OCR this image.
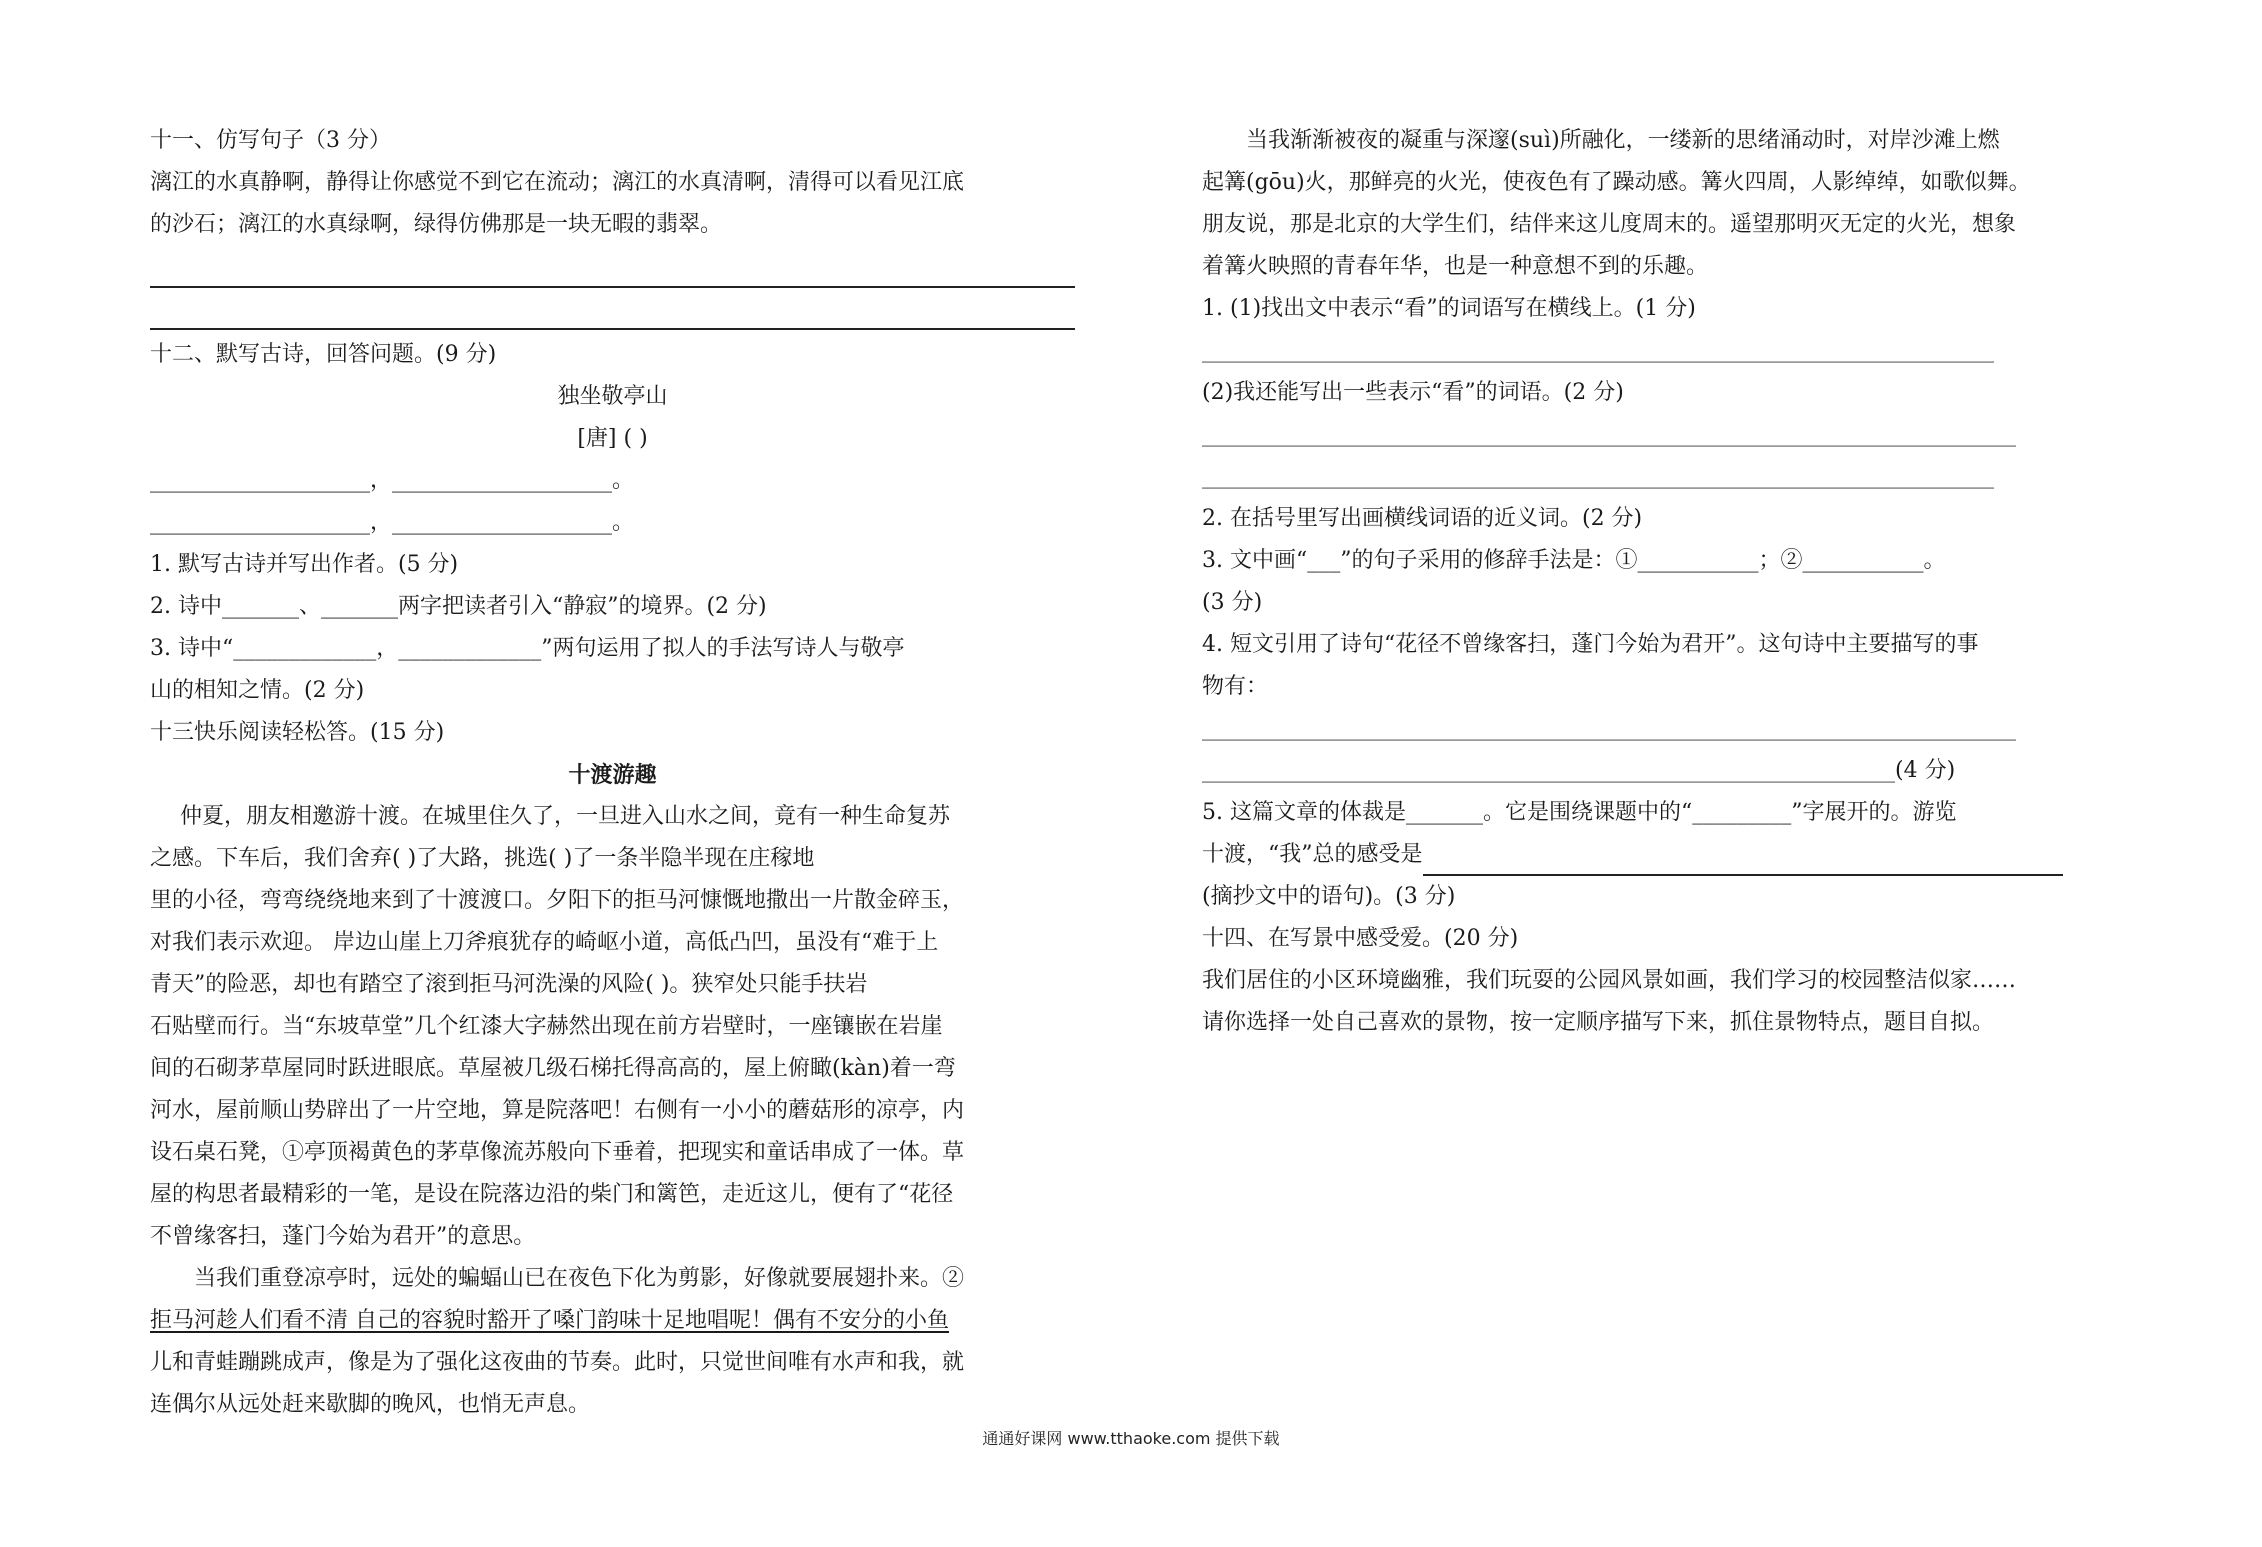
十一、仿写句子（3 分）

漓江的水真静啊，静得让你感觉不到它在流动；漓江的水真清啊，清得可以看见江底

的沙石；漓江的水真绿啊，绿得仿佛那是一块无暇的翡翠。

十二、默写古诗，回答问题。(9 分)

独坐敬亭山

[唐] ( )

____________________，____________________。

____________________，____________________。

1. 默写古诗并写出作者。(5 分)

2. 诗中_______、_______两字把读者引入“静寂”的境界。(2 分)

3. 诗中“_____________，_____________”两句运用了拟人的手法写诗人与敬亭

山的相知之情。(2 分)

十三快乐阅读轻松答。(15 分)

十渡游趣

仲夏，朋友相邀游十渡。在城里住久了，一旦进入山水之间，竟有一种生命复苏

之感。下车后，我们舍弃( )了大路，挑选( )了一条半隐半现在庄稼地

里的小径，弯弯绕绕地来到了十渡渡口。夕阳下的拒马河慷慨地撒出一片散金碎玉，

对我们表示欢迎。 岸边山崖上刀斧痕犹存的崎岖小道，高低凸凹，虽没有“难于上

青天”的险恶，却也有踏空了滚到拒马河洗澡的风险( )。狭窄处只能手扶岩

石贴壁而行。当“东坡草堂”几个红漆大字赫然出现在前方岩壁时，一座镶嵌在岩崖

间的石砌茅草屋同时跃进眼底。草屋被几级石梯托得高高的，屋上俯瞰(kàn)着一弯

河水，屋前顺山势辟出了一片空地，算是院落吧！右侧有一小小的蘑菇形的凉亭，内

设石桌石凳，①亭顶褐黄色的茅草像流苏般向下垂着，把现实和童话串成了一体。草

屋的构思者最精彩的一笔，是设在院落边沿的柴门和篱笆，走近这儿，便有了“花径

不曾缘客扫，蓬门今始为君开”的意思。

当我们重登凉亭时，远处的蝙蝠山已在夜色下化为剪影，好像就要展翅扑来。②

拒马河趁人们看不清 自己的容貌时豁开了嗓门韵味十足地唱呢！偶有不安分的小鱼

儿和青蛙蹦跳成声，像是为了强化这夜曲的节奏。此时，只觉世间唯有水声和我，就

连偶尔从远处赶来歇脚的晚风，也悄无声息。

当我渐渐被夜的凝重与深邃(suì)所融化，一缕新的思绪涌动时，对岸沙滩上燃

起篝(gōu)火，那鲜亮的火光，使夜色有了躁动感。篝火四周，人影绰绰，如歌似舞。

朋友说，那是北京的大学生们，结伴来这儿度周末的。遥望那明灭无定的火光，想象

着篝火映照的青春年华，也是一种意想不到的乐趣。

1. (1)找出文中表示“看”的词语写在横线上。(1 分)

________________________________________________________________________

(2)我还能写出一些表示“看”的词语。(2 分)

__________________________________________________________________________
________________________________________________________________________

2. 在括号里写出画横线词语的近义词。(2 分)

3. 文中画“___”的句子采用的修辞手法是：①___________；②___________。

(3 分)

4. 短文引用了诗句“花径不曾缘客扫，蓬门今始为君开”。这句诗中主要描写的事

物有：

__________________________________________________________________________
_______________________________________________________________(4 分)

5. 这篇文章的体裁是_______。它是围绕课题中的“_________”字展开的。游览

十渡，“我”总的感受是

(摘抄文中的语句)。(3 分)

十四、在写景中感受爱。(20 分)

我们居住的小区环境幽雅，我们玩耍的公园风景如画，我们学习的校园整洁似家……

请你选择一处自己喜欢的景物，按一定顺序描写下来，抓住景物特点，题目自拟。

通通好课网 www.tthaoke.com 提供下载
